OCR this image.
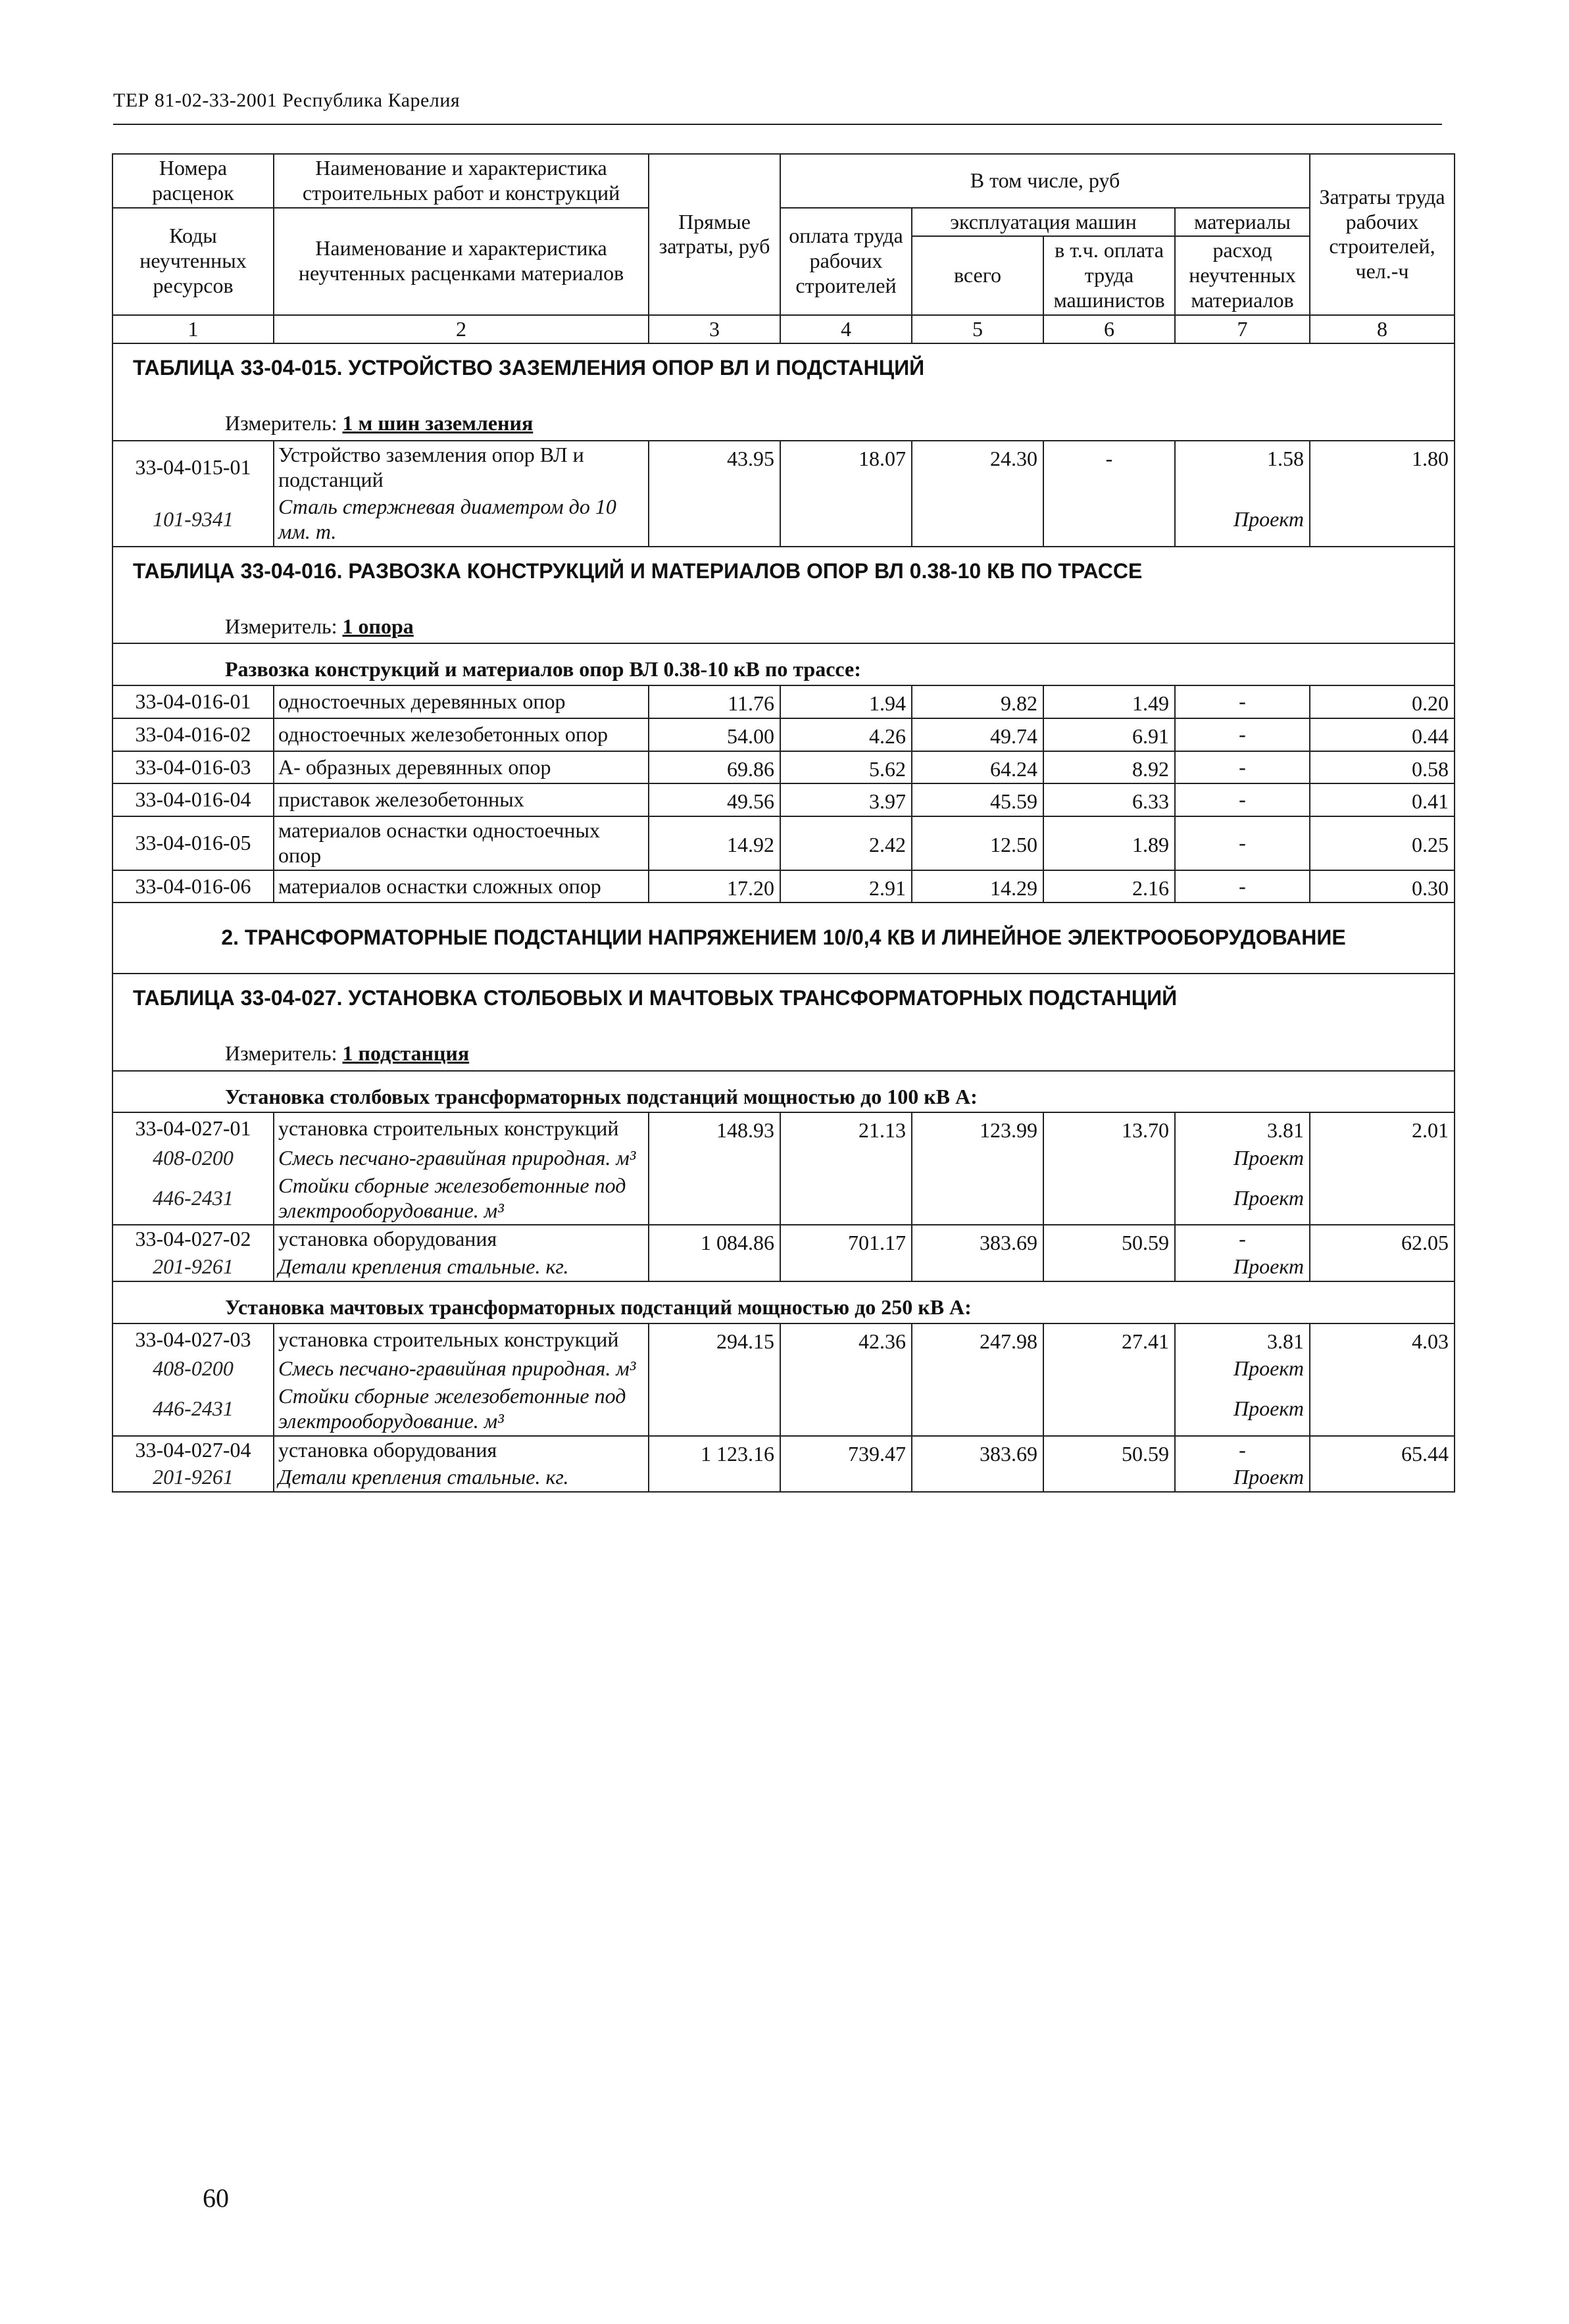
ТЕР 81-02-33-2001 Республика Карелия
Номера расценок	Наименование и характеристика строительных работ и конструкций	Прямые затраты, руб	В том числе, руб				Затраты труда рабочих строителей, чел.-ч
Коды неучтенных ресурсов	Наименование и характеристика неучтенных расценками материалов		оплата труда рабочих строителей	эксплуатация машин		материалы	
				всего	в т.ч. оплата труда машинистов	расход неучтенных материалов	
1	2	3	4	5	6	7	8
ТАБЛИЦА 33-04-015. УСТРОЙСТВО ЗАЗЕМЛЕНИЯ ОПОР ВЛ И ПОДСТАНЦИЙ							
Измеритель: 1 м шин заземления							
33-04-015-01	Устройство заземления опор ВЛ и подстанций	43.95	18.07	24.30	-	1.58	1.80
101-9341	Сталь стержневая диаметром до 10 мм. т.					Проект	
ТАБЛИЦА 33-04-016. РАЗВОЗКА КОНСТРУКЦИЙ И МАТЕРИАЛОВ ОПОР ВЛ 0.38-10 КВ ПО ТРАССЕ							
Измеритель: 1 опора							
Развозка конструкций и материалов опор ВЛ 0.38-10 кВ по трассе:							
33-04-016-01	одностоечных деревянных опор	11.76	1.94	9.82	1.49	-	0.20
33-04-016-02	одностоечных железобетонных опор	54.00	4.26	49.74	6.91	-	0.44
33-04-016-03	А- образных деревянных опор	69.86	5.62	64.24	8.92	-	0.58
33-04-016-04	приставок железобетонных	49.56	3.97	45.59	6.33	-	0.41
33-04-016-05	материалов оснастки одностоечных опор	14.92	2.42	12.50	1.89	-	0.25
33-04-016-06	материалов оснастки сложных опор	17.20	2.91	14.29	2.16	-	0.30
2. ТРАНСФОРМАТОРНЫЕ ПОДСТАНЦИИ НАПРЯЖЕНИЕМ 10/0,4 КВ И ЛИНЕЙНОЕ ЭЛЕКТРООБОРУДОВАНИЕ							
ТАБЛИЦА 33-04-027. УСТАНОВКА СТОЛБОВЫХ И МАЧТОВЫХ ТРАНСФОРМАТОРНЫХ ПОДСТАНЦИЙ							
Измеритель: 1 подстанция							
Установка столбовых трансформаторных подстанций мощностью до 100 кВ А:							
33-04-027-01	установка строительных конструкций	148.93	21.13	123.99	13.70	3.81	2.01
408-0200	Смесь песчано-гравийная природная. м³					Проект	
446-2431	Стойки сборные железобетонные под электрооборудование. м³					Проект	
33-04-027-02	установка оборудования	1 084.86	701.17	383.69	50.59	-	62.05
201-9261	Детали крепления стальные. кг.					Проект	
Установка мачтовых трансформаторных подстанций мощностью до 250 кВ А:							
33-04-027-03	установка строительных конструкций	294.15	42.36	247.98	27.41	3.81	4.03
408-0200	Смесь песчано-гравийная природная. м³					Проект	
446-2431	Стойки сборные железобетонные под электрооборудование. м³					Проект	
33-04-027-04	установка оборудования	1 123.16	739.47	383.69	50.59	-	65.44
201-9261	Детали крепления стальные. кг.					Проект	
60
